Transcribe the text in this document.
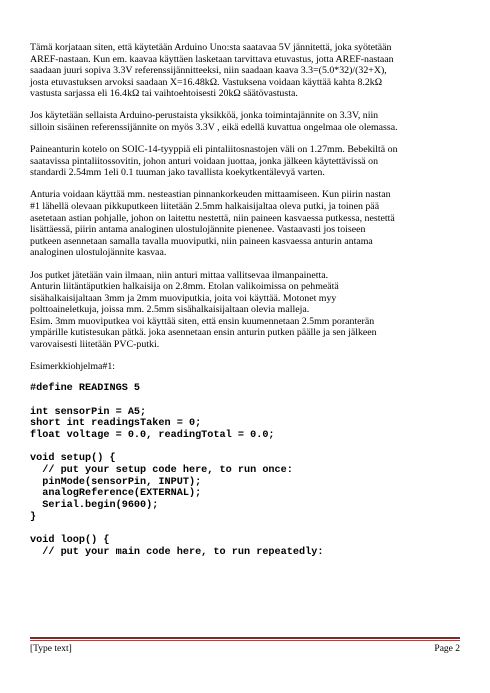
Tämä korjataan siten, että käytetään Arduino Uno:sta saatavaa 5V jännitettä, joka syötetään
AREF-nastaan. Kun em. kaavaa käyttäen lasketaan tarvittava etuvastus, jotta AREF-nastaan
saadaan juuri sopiva 3.3V referenssijännitteeksi, niin saadaan kaava 3.3=(5.0*32)/(32+X),
josta etuvastuksen arvoksi saadaan X=16.48kΩ. Vastuksena voidaan käyttää kahta 8.2kΩ
vastusta sarjassa eli 16.4kΩ tai vaihtoehtoisesti 20kΩ säätövastusta.

Jos käytetään sellaista Arduino-perustaista yksikköä, jonka toimintajännite on 3.3V, niin
silloin sisäinen referenssijännite on myös 3.3V , eikä edellä kuvattua ongelmaa ole olemassa.

Paineanturin kotelo on SOIC-14-tyyppiä eli pintaliitosnastojen väli on 1.27mm. Bebekiltä on
saatavissa pintaliitossovitin, johon anturi voidaan juottaa, jonka jälkeen käytettävissä on
standardi 2.54mm 1eli 0.1 tuuman jako tavallista koekytkentälevyä varten.

Anturia voidaan käyttää mm. nesteastian pinnankorkeuden mittaamiseen. Kun piirin nastan
#1 lähellä olevaan pikkuputkeen liitetään 2.5mm halkaisijaltaa oleva putki, ja toinen pää
asetetaan astian pohjalle, johon on laitettu nestettä, niin paineen kasvaessa putkessa, nestettä
lisättäessä, piirin antama analoginen ulostulojännite pienenee. Vastaavasti jos toiseen
putkeen asennetaan samalla tavalla muoviputki, niin paineen kasvaessa anturin antama
analoginen ulostulojännite kasvaa.

Jos putket jätetään vain ilmaan, niin anturi mittaa vallitsevaa ilmanpainetta.
Anturin liitäntäputkien halkaisija on 2.8mm. Etolan valikoimissa on pehmeätä
sisähalkaisijaltaan 3mm ja 2mm muoviputkia, joita voi käyttää. Motonet myy
polttoaineletkuja, joissa mm. 2.5mm sisähalkaisijaltaan olevia malleja.
Esim. 3mm muoviputkea voi käyttää siten, että ensin kuumennetaan 2.5mm poranterän
ympärille kutistesukan pätkä. joka asennetaan ensin anturin putken päälle ja sen jälkeen
varovaisesti liitetään PVC-putki.

Esimerkkiohjelma#1:

#define READINGS 5
int sensorPin = A5;
short int readingsTaken = 0;
float voltage = 0.0, readingTotal = 0.0;
void setup() {
// put your setup code here, to run once:
pinMode(sensorPin, INPUT);
analogReference(EXTERNAL);
Serial.begin(9600);
}
void loop() {
// put your main code here, to run repeatedly:
[Type text]	Page 2
